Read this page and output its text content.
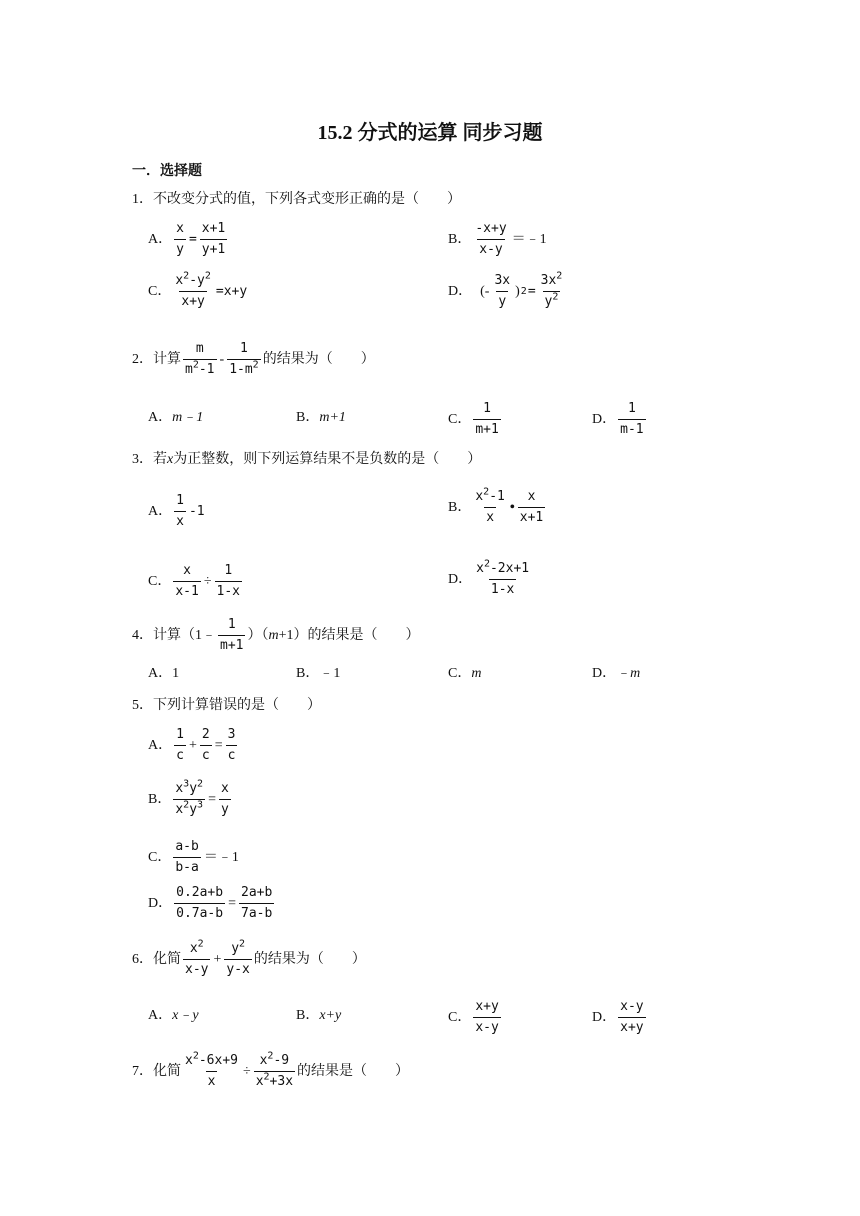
15.2 分式的运算 同步习题
一．选择题
1．不改变分式的值，下列各式变形正确的是（　　）
A． $\frac{x}{y} = \frac{x+1}{y+1}$	B． $\frac{-x+y}{x-y}$ ＝﹣1
C． $\frac{x^2-y^2}{x+y} =x+y$	D． (- $\frac{3x}{y}$ ) $2 = \frac{3x^2}{y^2}$
2．计算 $\frac{m}{m^2-1} - \frac{1}{1-m^2}$ 的结果为（　　）
A． m﹣1	B． m+1	C． $\frac{1}{m+1}$	D． $\frac{1}{m-1}$
3．若 x 为正整数，则下列运算结果不是负数的是（　　）
A． $\frac{1}{x} -1$	B． $\frac{x^2-1}{x}$ • $\frac{x}{x+1}$
C． $\frac{x}{x-1} \div \frac{1}{1-x}$	D． $\frac{x^2-2x+1}{1-x}$
4．计算（1﹣ $\frac{1}{m+1}$ ）（ m +1）的结果是（　　）
A． 1	B． ﹣1	C． m	D． ﹣m
5．下列计算错误的是（　　）
A． $\frac{1}{c} + \frac{2}{c} = \frac{3}{c}$
B． $\frac{x^3y^2}{x^2y^3} = \frac{x}{y}$
C． $\frac{a-b}{b-a}$ ＝﹣1
D． $\frac{0.2a+b}{0.7a-b} = \frac{2a+b}{7a-b}$
6．化简 $\frac{x^2}{x-y} + \frac{y^2}{y-x}$ 的结果为（　　）
A． x﹣y	B． x+y	C． $\frac{x+y}{x-y}$	D． $\frac{x-y}{x+y}$
7．化简 $\frac{x^2-6x+9}{x} \div \frac{x^2-9}{x^2+3x}$ 的结果是（　　）
